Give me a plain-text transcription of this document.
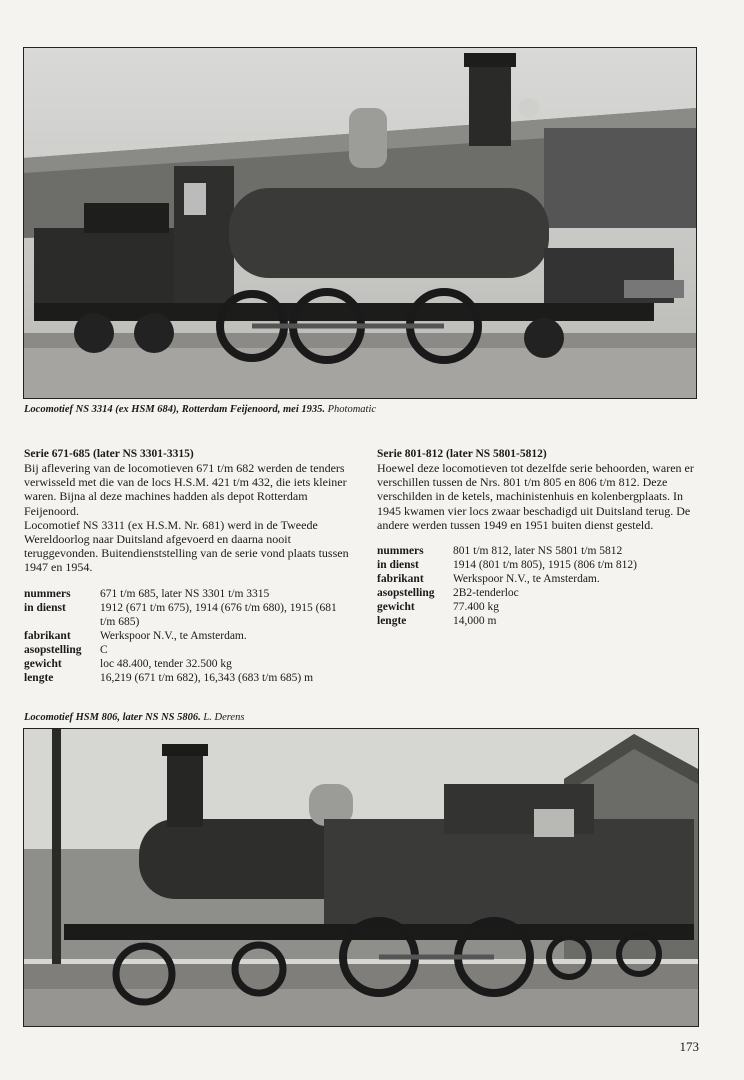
Locomotief NS 3314 (ex HSM 684), Rotterdam Feijenoord, mei 1935. Photomatic
Serie 671-685 (later NS 3301-3315)

Bij aflevering van de locomotieven 671 t/m 682 werden de tenders verwisseld met die van de locs H.S.M. 421 t/m 432, die iets kleiner waren. Bijna al deze machines hadden als depot Rotterdam Feijenoord.

Locomotief NS 3311 (ex H.S.M. Nr. 681) werd in de Tweede Wereldoorlog naar Duitsland afgevoerd en daarna nooit teruggevonden. Buitendienststelling van de serie vond plaats tussen 1947 en 1954.

nummers	671 t/m 685, later NS 3301 t/m 3315
in dienst	1912 (671 t/m 675), 1914 (676 t/m 680), 1915 (681 t/m 685)
fabrikant	Werkspoor N.V., te Amsterdam.
asopstelling	C
gewicht	loc 48.400, tender 32.500 kg
lengte	16,219 (671 t/m 682), 16,343 (683 t/m 685) m
Serie 801-812 (later NS 5801-5812)

Hoewel deze locomotieven tot dezelfde serie behoorden, waren er verschillen tussen de Nrs. 801 t/m 805 en 806 t/m 812. Deze verschilden in de ketels, machinistenhuis en kolenbergplaats. In 1945 kwamen vier locs zwaar beschadigd uit Duitsland terug. De andere werden tussen 1949 en 1951 buiten dienst gesteld.

nummers	801 t/m 812, later NS 5801 t/m 5812
in dienst	1914 (801 t/m 805), 1915 (806 t/m 812)
fabrikant	Werkspoor N.V., te Amsterdam.
asopstelling	2B2-tenderloc
gewicht	77.400 kg
lengte	14,000 m
Locomotief HSM 806, later NS NS 5806. L. Derens
173
